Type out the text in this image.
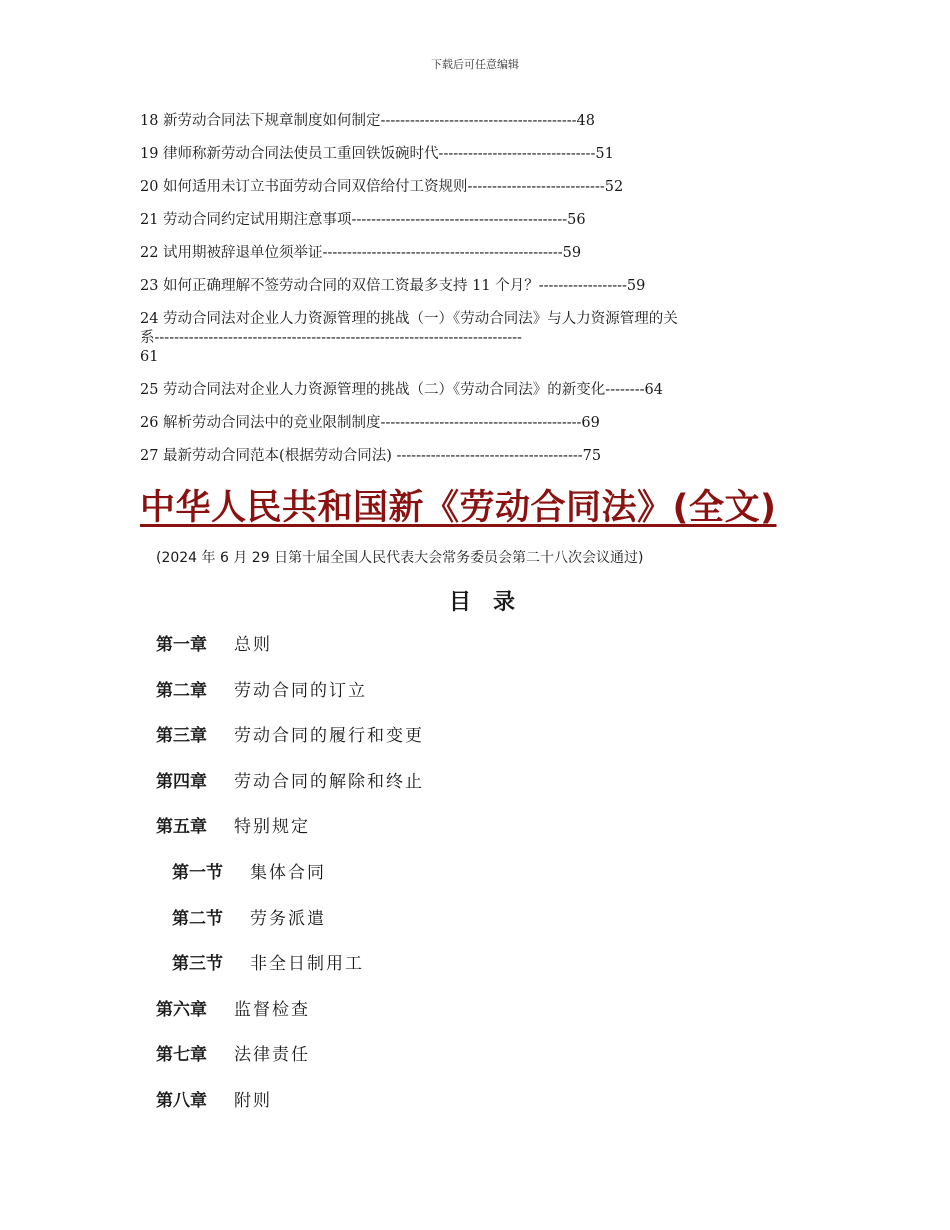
下载后可任意编辑
18 新劳动合同法下规章制度如何制定----------------------------------------48
19 律师称新劳动合同法使员工重回铁饭碗时代--------------------------------51
20 如何适用未订立书面劳动合同双倍给付工资规则----------------------------52
21 劳动合同约定试用期注意事项--------------------------------------------56
22 试用期被辞退单位须举证-------------------------------------------------59
23 如何正确理解不签劳动合同的双倍工资最多支持 11 个月？------------------59
24 劳动合同法对企业人力资源管理的挑战（一）《劳动合同法》与人力资源管理的关
系---------------------------------------------------------------------------
61
25 劳动合同法对企业人力资源管理的挑战（二）《劳动合同法》的新变化--------64
26 解析劳动合同法中的竞业限制制度-----------------------------------------69
27 最新劳动合同范本(根据劳动合同法) --------------------------------------75
中华人民共和国新《劳动合同法》(全文)
(2024 年 6 月 29 日第十届全国人民代表大会常务委员会第二十八次会议通过)
目录
第一章 总则
第二章 劳动合同的订立
第三章 劳动合同的履行和变更
第四章 劳动合同的解除和终止
第五章 特别规定
第一节 集体合同
第二节 劳务派遣
第三节 非全日制用工
第六章 监督检查
第七章 法律责任
第八章 附则
